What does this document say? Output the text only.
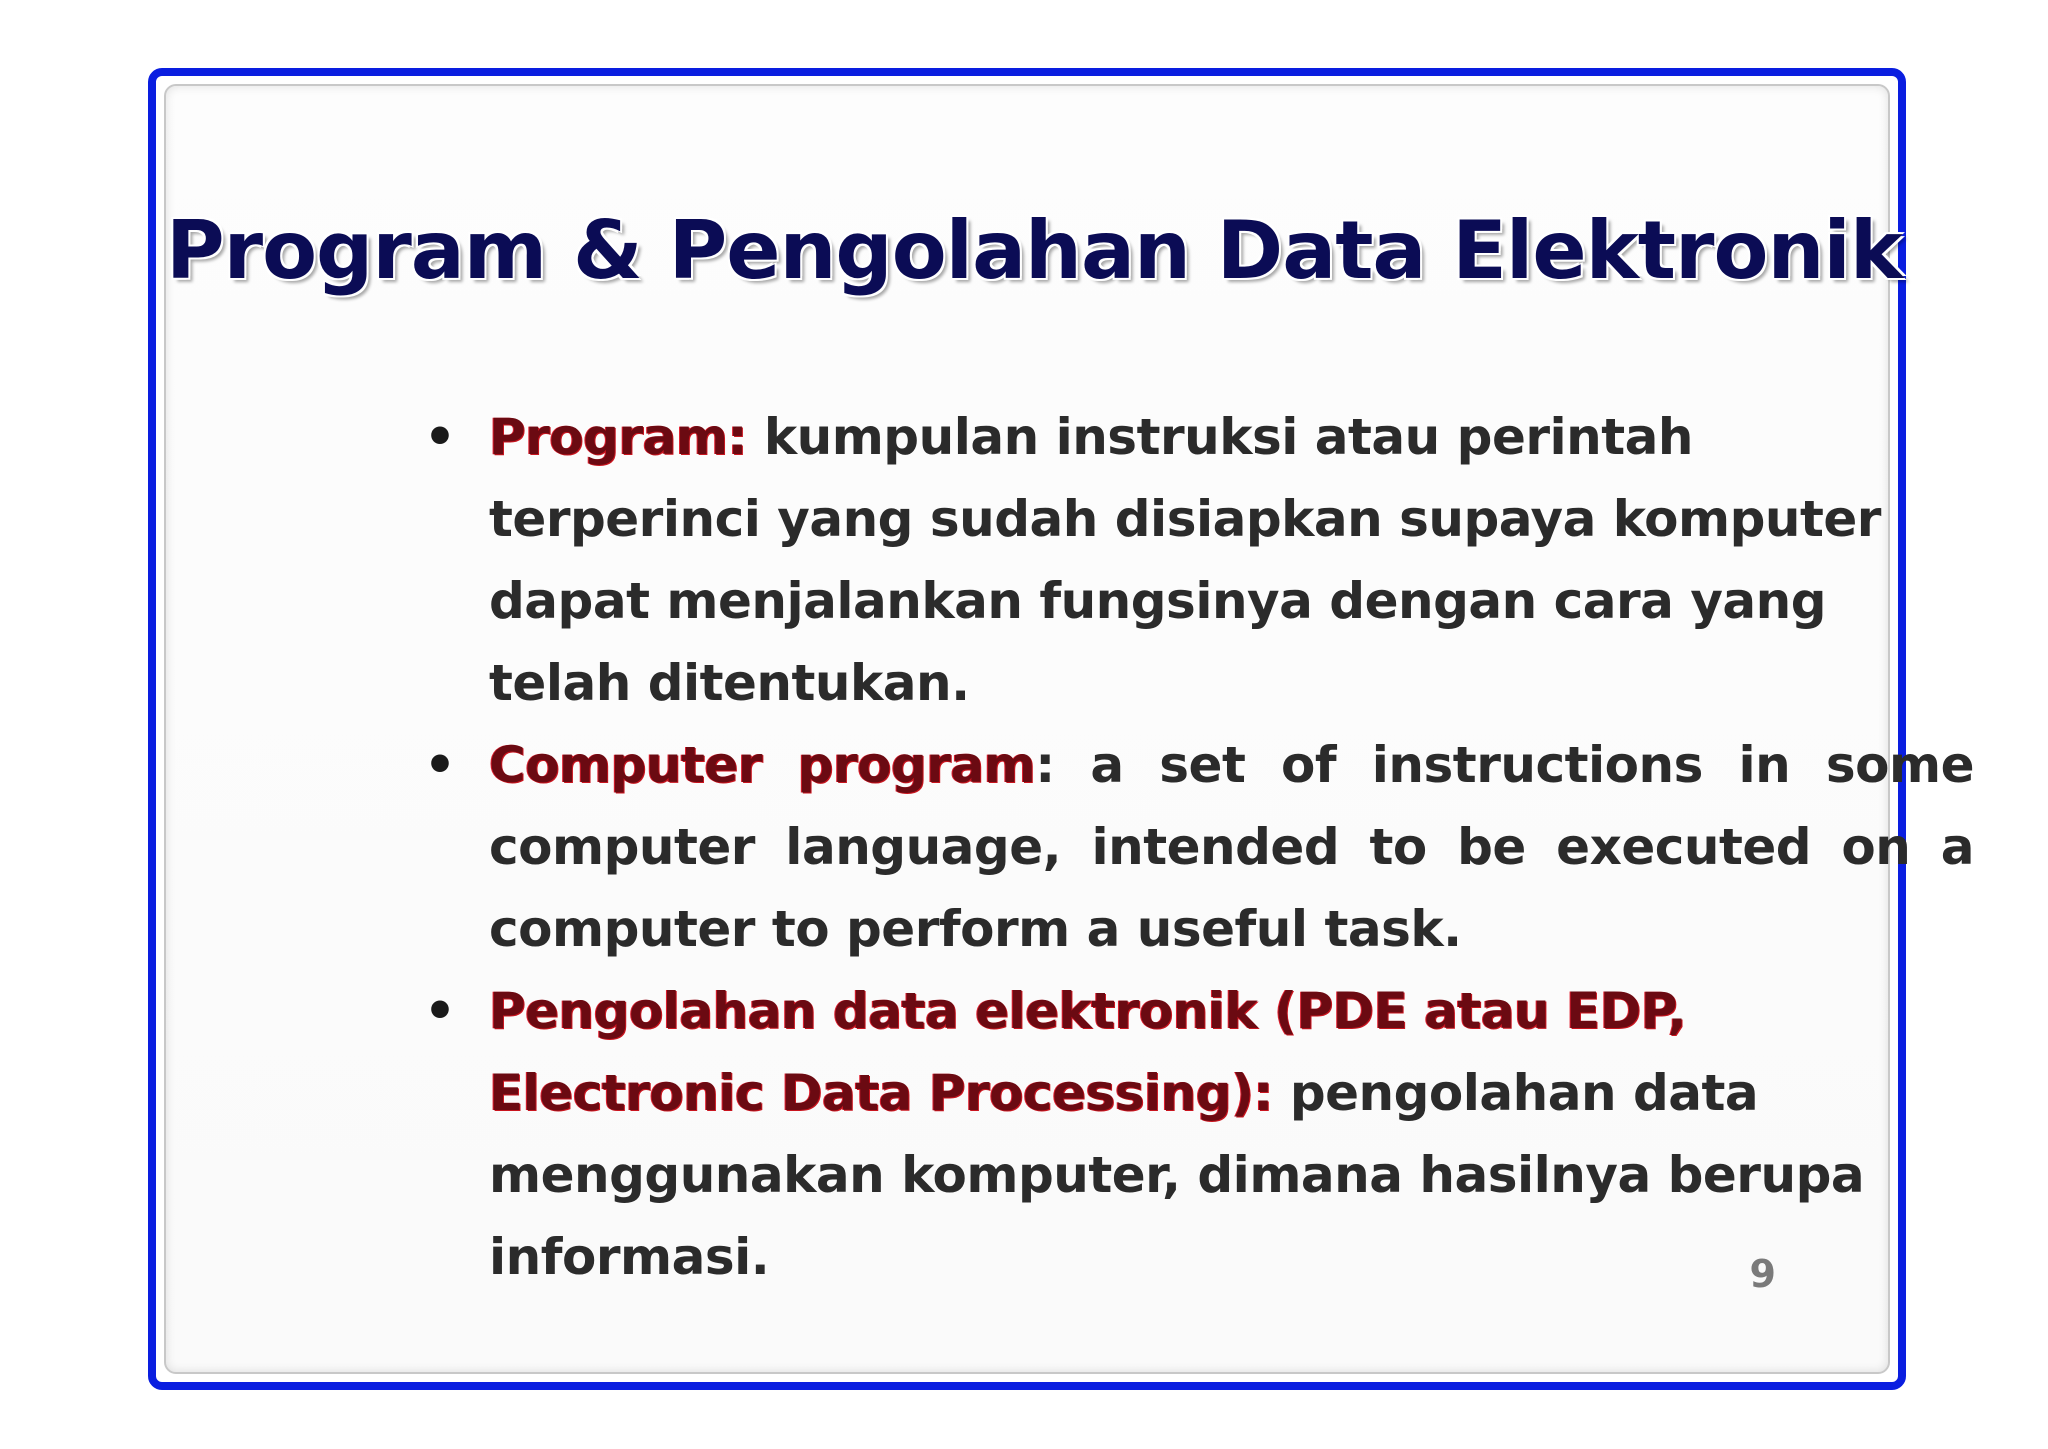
Program & Pengolahan Data Elektronik
• Program: kumpulan instruksi atau perintah terperinci yang sudah disiapkan supaya komputer dapat menjalankan fungsinya dengan cara yang telah ditentukan.
• Computer program: a set of instructions in some computer language, intended to be executed on a computer to perform a useful task.
• Pengolahan data elektronik (PDE atau EDP, Electronic Data Processing): pengolahan data menggunakan komputer, dimana hasilnya berupa informasi.	9
